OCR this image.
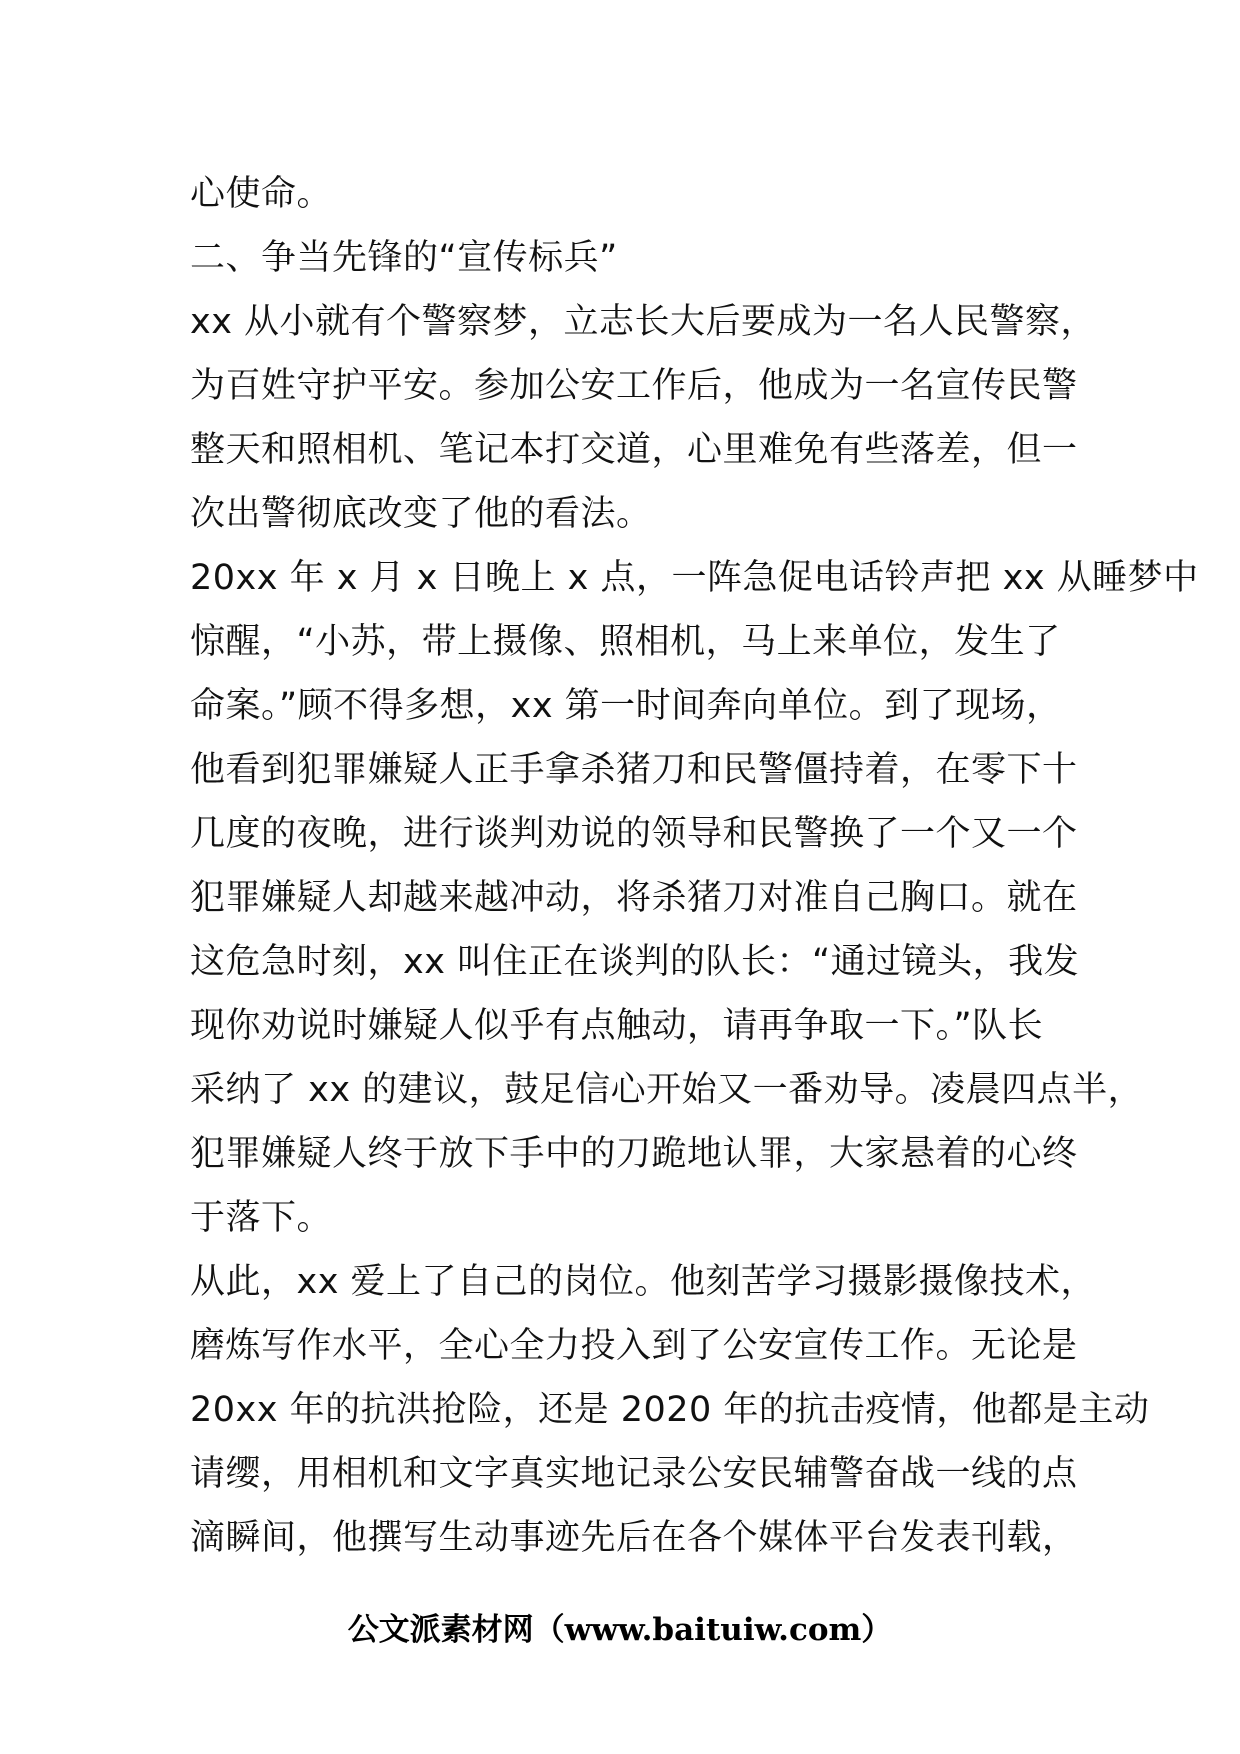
心使命。
二、争当先锋的“宣传标兵”
xx 从小就有个警察梦，立志长大后要成为一名人民警察，
为百姓守护平安。参加公安工作后，他成为一名宣传民警
整天和照相机、笔记本打交道，心里难免有些落差，但一
次出警彻底改变了他的看法。
20xx 年 x 月 x 日晚上 x 点，一阵急促电话铃声把 xx 从睡梦中
惊醒，“小苏，带上摄像、照相机，马上来单位，发生了
命案。”顾不得多想，xx 第一时间奔向单位。到了现场，
他看到犯罪嫌疑人正手拿杀猪刀和民警僵持着，在零下十
几度的夜晚，进行谈判劝说的领导和民警换了一个又一个
犯罪嫌疑人却越来越冲动，将杀猪刀对准自己胸口。就在
这危急时刻，xx 叫住正在谈判的队长：“通过镜头，我发
现你劝说时嫌疑人似乎有点触动，请再争取一下。”队长
采纳了 xx 的建议，鼓足信心开始又一番劝导。凌晨四点半，
犯罪嫌疑人终于放下手中的刀跪地认罪，大家悬着的心终
于落下。
从此，xx 爱上了自己的岗位。他刻苦学习摄影摄像技术，
磨炼写作水平，全心全力投入到了公安宣传工作。无论是
20xx 年的抗洪抢险，还是 2020 年的抗击疫情，他都是主动
请缨，用相机和文字真实地记录公安民辅警奋战一线的点
滴瞬间，他撰写生动事迹先后在各个媒体平台发表刊载，
公文派素材网（www.baituiw.com）
